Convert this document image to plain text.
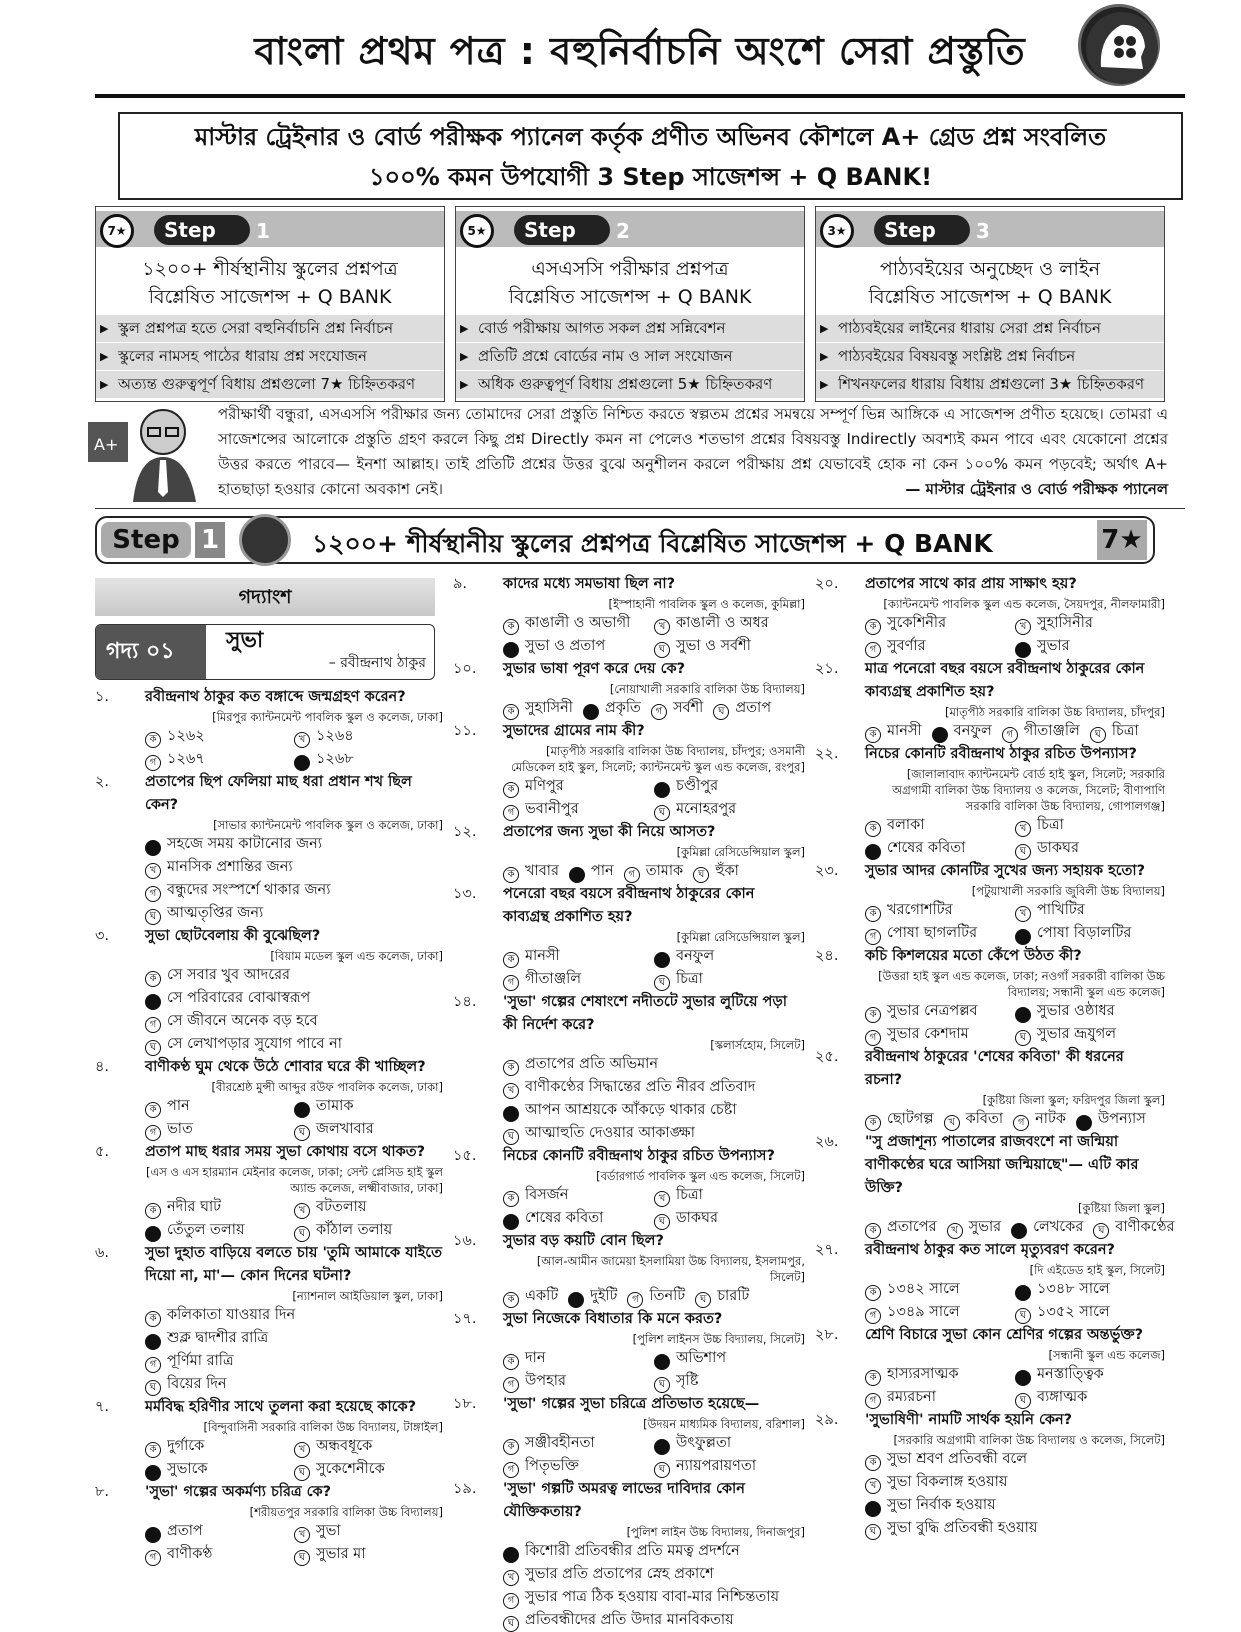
বাংলা প্রথম পত্র : বহুনির্বাচনি অংশে সেরা প্রস্তুতি
মাস্টার ট্রেইনার ও বোর্ড পরীক্ষক প্যানেল কর্তৃক প্রণীত অভিনব কৌশলে A+ গ্রেড প্রশ্ন সংবলিত
১০০% কমন উপযোগী 3 Step সাজেশন্স + Q BANK!
7★	Step	1
১২০০+ শীর্ষস্থানীয় স্কুলের প্রশ্নপত্র
বিশ্লেষিত সাজেশন্স + Q BANK
▶ স্কুল প্রশ্নপত্র হতে সেরা বহুনির্বাচনি প্রশ্ন নির্বাচন
▶ স্কুলের নামসহ পাঠের ধারায় প্রশ্ন সংযোজন
▶ অত্যন্ত গুরুত্বপূর্ণ বিধায় প্রশ্নগুলো 7★ চিহ্নিতকরণ
5★	Step	2
এসএসসি পরীক্ষার প্রশ্নপত্র
বিশ্লেষিত সাজেশন্স + Q BANK
▶ বোর্ড পরীক্ষায় আগত সকল প্রশ্ন সন্নিবেশন
▶ প্রতিটি প্রশ্নে বোর্ডের নাম ও সাল সংযোজন
▶ অধিক গুরুত্বপূর্ণ বিধায় প্রশ্নগুলো 5★ চিহ্নিতকরণ
3★	Step	3
পাঠ্যবইয়ের অনুচ্ছেদ ও লাইন
বিশ্লেষিত সাজেশন্স + Q BANK
▶ পাঠ্যবইয়ের লাইনের ধারায় সেরা প্রশ্ন নির্বাচন
▶ পাঠ্যবইয়ের বিষয়বস্তু সংশ্লিষ্ট প্রশ্ন নির্বাচন
▶ শিখনফলের ধারায় বিধায় প্রশ্নগুলো 3★ চিহ্নিতকরণ
A+
পরীক্ষার্থী বন্ধুরা, এসএসসি পরীক্ষার জন্য তোমাদের সেরা প্রস্তুতি নিশ্চিত করতে স্বল্পতম প্রশ্নের সমন্বয়ে সম্পূর্ণ ভিন্ন আঙ্গিকে এ সাজেশন্স প্রণীত হয়েছে। তোমরা এ সাজেশন্সের আলোকে প্রস্তুতি গ্রহণ করলে কিছু প্রশ্ন Directly কমন না পেলেও শতভাগ প্রশ্নের বিষয়বস্তু Indirectly অবশ্যই কমন পাবে এবং যেকোনো প্রশ্নের উত্তর করতে পারবে— ইনশা আল্লাহ। তাই প্রতিটি প্রশ্নের উত্তর বুঝে অনুশীলন করলে পরীক্ষায় প্রশ্ন যেভাবেই হোক না কেন ১০০% কমন পড়বেই; অর্থাৎ A+ হাতছাড়া হওয়ার কোনো অবকাশ নেই।	— মাস্টার ট্রেইনার ও বোর্ড পরীক্ষক প্যানেল
Step 1	১২০০+ শীর্ষস্থানীয় স্কুলের প্রশ্নপত্র বিশ্লেষিত সাজেশন্স + Q BANK	7★
গদ্যাংশ
গদ্য ০১	সুভা
– রবীন্দ্রনাথ ঠাকুর
১. রবীন্দ্রনাথ ঠাকুর কত বঙ্গাব্দে জন্মগ্রহণ করেন?
[মিরপুর ক্যান্টনমেন্ট পাবলিক স্কুল ও কলেজ, ঢাকা]
ক ১২৬২	খ ১২৬৪
গ ১২৬৭	ঘ ১২৬৮
২. প্রতাপের ছিপ ফেলিয়া মাছ ধরা প্রধান শখ ছিল কেন?
[সাভার ক্যান্টনমেন্ট পাবলিক স্কুল ও কলেজ, ঢাকা]
ক সহজে সময় কাটানোর জন্য
খ মানসিক প্রশান্তির জন্য
গ বন্ধুদের সংস্পর্শে থাকার জন্য
ঘ আত্মতৃপ্তির জন্য
৩. সুভা ছোটবেলায় কী বুঝেছিল?
[বিয়াম মডেল স্কুল এন্ড কলেজ, ঢাকা]
ক সে সবার খুব আদরের
খ সে পরিবারের বোঝাস্বরূপ
গ সে জীবনে অনেক বড় হবে
ঘ সে লেখাপড়ার সুযোগ পাবে না
৪. বাণীকণ্ঠ ঘুম থেকে উঠে শোবার ঘরে কী খাচ্ছিল?
[বীরশ্রেষ্ঠ মুন্সী আব্দুর রউফ পাবলিক কলেজ, ঢাকা]
ক পান	খ তামাক
গ ভাত	ঘ জলখাবার
৫. প্রতাপ মাছ ধরার সময় সুভা কোথায় বসে থাকত?
[এস ও এস হারম্যান মেইনার কলেজ, ঢাকা; সেন্ট প্লেসিড হাই স্কুল অ্যান্ড কলেজ, লক্ষ্মীবাজার, ঢাকা]
ক নদীর ঘাট	খ বটতলায়
গ তেঁতুল তলায়	ঘ কাঁঠাল তলায়
৬. সুভা দুহাত বাড়িয়ে বলতে চায় 'তুমি আমাকে যাইতে দিয়ো না, মা'— কোন দিনের ঘটনা?
[ন্যাশনাল আইডিয়াল স্কুল, ঢাকা]
ক কলিকাতা যাওয়ার দিন
খ শুক্ল দ্বাদশীর রাত্রি
গ পূর্ণিমা রাত্রি
ঘ বিয়ের দিন
৭. মর্মবিদ্ধ হরিণীর সাথে তুলনা করা হয়েছে কাকে?
[বিন্দুবাসিনী সরকারি বালিকা উচ্চ বিদ্যালয়, টাঙ্গাইল]
ক দুর্গাকে	খ অন্ধবধূকে
গ সুভাকে	ঘ সুকেশেনীকে
৮. 'সুভা' গল্পের অকর্মণ্য চরিত্র কে?
[শরীয়তপুর সরকারি বালিকা উচ্চ বিদ্যালয়]
ক প্রতাপ	খ সুভা
গ বাণীকণ্ঠ	ঘ সুভার মা
৯. কাদের মধ্যে সমভাষা ছিল না?
[ইস্পাহানী পাবলিক স্কুল ও কলেজ, কুমিল্লা]
ক কাঙালী ও অভাগী	খ কাঙালী ও অধর
গ সুভা ও প্রতাপ	ঘ সুভা ও সর্বশী
১০. সুভার ভাষা পূরণ করে দেয় কে?
[নোয়াখালী সরকারি বালিকা উচ্চ বিদ্যালয়]
ক সুহাসিনী	খ প্রকৃতি	গ সর্বশী	ঘ প্রতাপ
১১. সুভাদের গ্রামের নাম কী?
[মাতৃপীঠ সরকারি বালিকা উচ্চ বিদ্যালয়, চাঁদপুর; ওসমানী মেডিকেল হাই স্কুল, সিলেট; ক্যান্টনমেন্ট স্কুল এন্ড কলেজ, রংপুর]
ক মণিপুর	খ চণ্ডীপুর
গ ভবানীপুর	ঘ মনোহরপুর
১২. প্রতাপের জন্য সুভা কী নিয়ে আসত?
[কুমিল্লা রেসিডেন্সিয়াল স্কুল]
ক খাবার	খ পান	গ তামাক	ঘ হুঁকা
১৩. পনেরো বছর বয়সে রবীন্দ্রনাথ ঠাকুরের কোন কাব্যগ্রন্থ প্রকাশিত হয়?
[কুমিল্লা রেসিডেন্সিয়াল স্কুল]
ক মানসী	খ বনফুল
গ গীতাঞ্জলি	ঘ চিত্রা
১৪. 'সুভা' গল্পের শেষাংশে নদীতটে সুভার লুটিয়ে পড়া কী নির্দেশ করে?
[স্কলার্সহোম, সিলেট]
ক প্রতাপের প্রতি অভিমান
খ বাণীকণ্ঠের সিদ্ধান্তের প্রতি নীরব প্রতিবাদ
গ আপন আশ্রয়কে আঁকড়ে থাকার চেষ্টা
ঘ আত্মাহুতি দেওয়ার আকাঙ্ক্ষা
১৫. নিচের কোনটি রবীন্দ্রনাথ ঠাকুর রচিত উপন্যাস?
[বর্ডারগার্ড পাবলিক স্কুল এন্ড কলেজ, সিলেট]
ক বিসর্জন	খ চিত্রা
গ শেষের কবিতা	ঘ ডাকঘর
১৬. সুভার বড় কয়টি বোন ছিল?
[আল-আমীন জামেয়া ইসলামিয়া উচ্চ বিদ্যালয়, ইসলামপুর, সিলেট]
ক একটি	খ দুইটি	গ তিনটি	ঘ চারটি
১৭. সুভা নিজেকে বিধাতার কি মনে করত?
[পুলিশ লাইনস উচ্চ বিদ্যালয়, সিলেট]
ক দান	খ অভিশাপ
গ উপহার	ঘ সৃষ্টি
১৮. 'সুভা' গল্পের সুভা চরিত্রে প্রতিভাত হয়েছে—
[উদয়ন মাধ্যমিক বিদ্যালয়, বরিশাল]
ক সঞ্জীবহীনতা	খ উৎফুল্লতা
গ পিতৃভক্তি	ঘ ন্যায়পরায়ণতা
১৯. 'সুভা' গল্পটি অমরত্ব লাভের দাবিদার কোন যৌক্তিকতায়?
[পুলিশ লাইন উচ্চ বিদ্যালয়, দিনাজপুর]
ক কিশোরী প্রতিবন্ধীর প্রতি মমত্ব প্রদর্শনে
খ সুভার প্রতি প্রতাপের স্নেহ প্রকাশে
গ সুভার পাত্র ঠিক হওয়ায় বাবা-মার নিশ্চিন্ততায়
ঘ প্রতিবন্ধীদের প্রতি উদার মানবিকতায়
২০. প্রতাপের সাথে কার প্রায় সাক্ষাৎ হয়?
[ক্যান্টনমেন্ট পাবলিক স্কুল এন্ড কলেজ, সৈয়দপুর, নীলফামারী]
ক সুকেশিনীর	খ সুহাসিনীর
গ সুবর্ণার	ঘ সুভার
২১. মাত্র পনেরো বছর বয়সে রবীন্দ্রনাথ ঠাকুরের কোন কাব্যগ্রন্থ প্রকাশিত হয়?
[মাতৃপীঠ সরকারি বালিকা উচ্চ বিদ্যালয়, চাঁদপুর]
ক মানসী	খ বনফুল	গ গীতাঞ্জলি	ঘ চিত্রা
২২. নিচের কোনটি রবীন্দ্রনাথ ঠাকুর রচিত উপন্যাস?
[জালালাবাদ ক্যান্টনমেন্ট বোর্ড হাই স্কুল, সিলেট; সরকারি অগ্রগামী বালিকা উচ্চ বিদ্যালয় ও কলেজ, সিলেট; বীণাপাণি সরকারি বালিকা উচ্চ বিদ্যালয়, গোপালগঞ্জ]
ক বলাকা	খ চিত্রা
গ শেষের কবিতা	ঘ ডাকঘর
২৩. সুভার আদর কোনটির সুখের জন্য সহায়ক হতো?
[পটুয়াখালী সরকারি জুবিলী উচ্চ বিদ্যালয়]
ক খরগোশটির	খ পাখিটির
গ পোষা ছাগলটির	ঘ পোষা বিড়ালটির
২৪. কচি কিশলয়ের মতো কেঁপে উঠত কী?
[উত্তরা হাই স্কুল এন্ড কলেজ, ঢাকা; নওগাঁ সরকারী বালিকা উচ্চ বিদ্যালয়; সন্ধানী স্কুল এন্ড কলেজ]
ক সুভার নেত্রপল্লব	খ সুভার ওষ্ঠাধর
গ সুভার কেশদাম	ঘ সুভার ভ্রূযুগল
২৫. রবীন্দ্রনাথ ঠাকুরের 'শেষের কবিতা' কী ধরনের রচনা?
[কুষ্টিয়া জিলা স্কুল; ফরিদপুর জিলা স্কুল]
ক ছোটগল্প	খ কবিতা	গ নাটক	ঘ উপন্যাস
২৬. "সু প্রজাশূন্য পাতালের রাজবংশে না জন্মিয়া বাণীকণ্ঠের ঘরে আসিয়া জন্মিয়াছে"— এটি কার উক্তি?
[কুষ্টিয়া জিলা স্কুল]
ক প্রতাপের	খ সুভার	গ লেখকের	ঘ বাণীকণ্ঠের
২৭. রবীন্দ্রনাথ ঠাকুর কত সালে মৃত্যুবরণ করেন?
[দি এইডেড হাই স্কুল, সিলেট]
ক ১৩৪২ সালে	খ ১৩৪৮ সালে
গ ১৩৪৯ সালে	ঘ ১৩৫২ সালে
২৮. শ্রেণি বিচারে সুভা কোন শ্রেণির গল্পের অন্তর্ভুক্ত?
[সন্ধানী স্কুল এন্ড কলেজ]
ক হাস্যরসাত্মক	খ মনস্তাত্ত্বিক
গ রম্যরচনা	ঘ ব্যঙ্গাত্মক
২৯. 'সুভাষিণী' নামটি সার্থক হয়নি কেন?
[সরকারি অগ্রগামী বালিকা উচ্চ বিদ্যালয় ও কলেজ, সিলেট]
ক সুভা শ্রবণ প্রতিবন্ধী বলে
খ সুভা বিকলাঙ্গ হওয়ায়
গ সুভা নির্বাক হওয়ায়
ঘ সুভা বুদ্ধি প্রতিবন্ধী হওয়ায়
